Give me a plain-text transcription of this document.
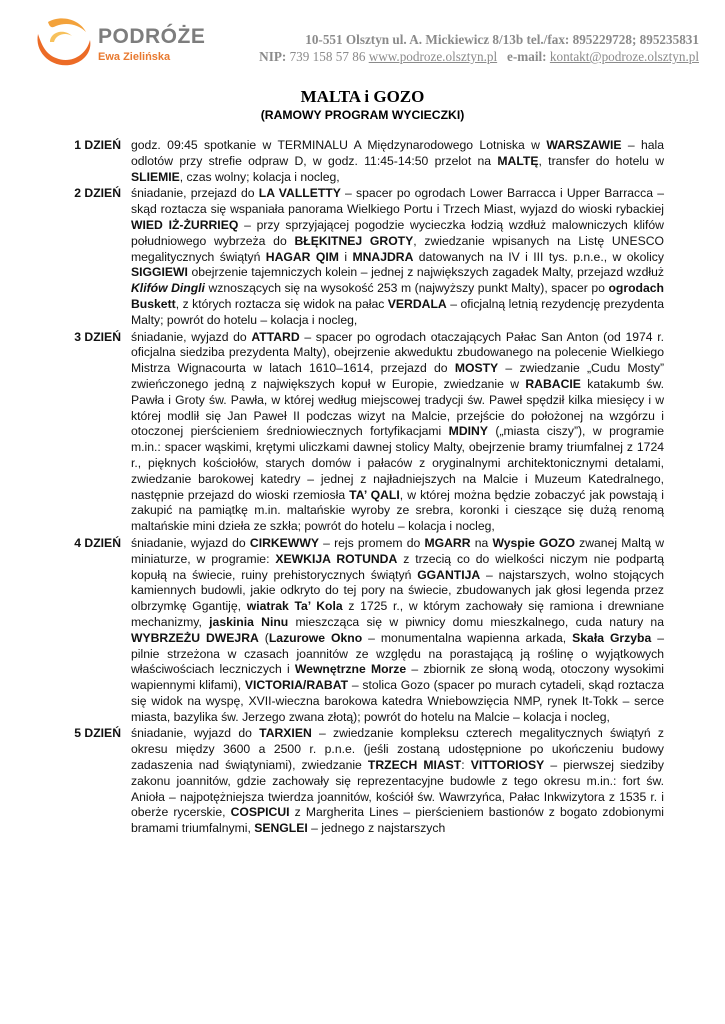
PODRÓŻE
Ewa Zielińska
10-551 Olsztyn ul. A. Mickiewicz 8/13b tel./fax: 895229728; 895235831
NIP: 739 158 57 86 www.podroze.olsztyn.pl   e-mail: kontakt@podroze.olsztyn.pl
MALTA i GOZO
(RAMOWY PROGRAM WYCIECZKI)
1 DZIEŃ godz. 09:45 spotkanie w TERMINALU A Międzynarodowego Lotniska w WARSZAWIE – hala odlotów przy strefie odpraw D, w godz. 11:45-14:50 przelot na MALTĘ, transfer do hotelu w SLIEMIE, czas wolny; kolacja i nocleg,
2 DZIEŃ śniadanie, przejazd do LA VALLETTY – spacer po ogrodach Lower Barracca i Upper Barracca – skąd roztacza się wspaniała panorama Wielkiego Portu i Trzech Miast, wyjazd do wioski rybackiej WIED IŻ-ŻURRIEQ – przy sprzyjającej pogodzie wycieczka łodzią wzdłuż malowniczych klifów południowego wybrzeża do BŁĘKITNEJ GROTY, zwiedzanie wpisanych na Listę UNESCO megalitycznych świątyń HAGAR QIM i MNAJDRA datowanych na IV i III tys. p.n.e., w okolicy SIGGIEWI obejrzenie tajemniczych kolein – jednej z największych zagadek Malty, przejazd wzdłuż Klifów Dingli wznoszących się na wysokość 253 m (najwyższy punkt Malty), spacer po ogrodach Buskett, z których roztacza się widok na pałac VERDALA – oficjalną letnią rezydencję prezydenta Malty; powrót do hotelu – kolacja i nocleg,
3 DZIEŃ śniadanie, wyjazd do ATTARD – spacer po ogrodach otaczających Pałac San Anton (od 1974 r. oficjalna siedziba prezydenta Malty), obejrzenie akweduktu zbudowanego na polecenie Wielkiego Mistrza Wignacourta w latach 1610–1614, przejazd do MOSTY – zwiedzanie „Cudu Mosty” zwieńczonego jedną z największych kopuł w Europie, zwiedzanie w RABACIE katakumb św. Pawła i Groty św. Pawła, w której według miejscowej tradycji św. Paweł spędził kilka miesięcy i w której modlił się Jan Paweł II podczas wizyt na Malcie, przejście do położonej na wzgórzu i otoczonej pierścieniem średniowiecznych fortyfikacjami MDINY („miasta ciszy”), w programie m.in.: spacer wąskimi, krętymi uliczkami dawnej stolicy Malty, obejrzenie bramy triumfalnej z 1724 r., pięknych kościołów, starych domów i pałaców z oryginalnymi architektonicznymi detalami, zwiedzanie barokowej katedry – jednej z najładniejszych na Malcie i Muzeum Katedralnego, następnie przejazd do wioski rzemiosła TA’ QALI, w której można będzie zobaczyć jak powstają i zakupić na pamiątkę m.in. maltańskie wyroby ze srebra, koronki i cieszące się dużą renomą maltańskie mini dzieła ze szkła; powrót do hotelu – kolacja i nocleg,
4 DZIEŃ śniadanie, wyjazd do CIRKEWWY – rejs promem do MGARR na Wyspie GOZO zwanej Maltą w miniaturze, w programie: XEWKIJA ROTUNDA z trzecią co do wielkości niczym nie podpartą kopułą na świecie, ruiny prehistorycznych świątyń GGANTIJA – najstarszych, wolno stojących kamiennych budowli, jakie odkryto do tej pory na świecie, zbudowanych jak głosi legenda przez olbrzymkę Ggantiję, wiatrak Ta’ Kola z 1725 r., w którym zachowały się ramiona i drewniane mechanizmy, jaskinia Ninu mieszcząca się w piwnicy domu mieszkalnego, cuda natury na WYBRZEŻU DWEJRA (Lazurowe Okno – monumentalna wapienna arkada, Skała Grzyba – pilnie strzeżona w czasach joannitów ze względu na porastającą ją roślinę o wyjątkowych właściwościach leczniczych i Wewnętrzne Morze – zbiornik ze słoną wodą, otoczony wysokimi wapiennymi klifami), VICTORIA/RABAT – stolica Gozo (spacer po murach cytadeli, skąd roztacza się widok na wyspę, XVII-wieczna barokowa katedra Wniebowzięcia NMP, rynek It-Tokk – serce miasta, bazylika św. Jerzego zwana złotą); powrót do hotelu na Malcie – kolacja i nocleg,
5 DZIEŃ śniadanie, wyjazd do TARXIEN – zwiedzanie kompleksu czterech megalitycznych świątyń z okresu między 3600 a 2500 r. p.n.e. (jeśli zostaną udostępnione po ukończeniu budowy zadaszenia nad świątyniami), zwiedzanie TRZECH MIAST: VITTORIOSY – pierwszej siedziby zakonu joannitów, gdzie zachowały się reprezentacyjne budowle z tego okresu m.in.: fort św. Anioła – najpotężniejsza twierdza joannitów, kościół św. Wawrzyńca, Pałac Inkwizytora z 1535 r. i oberże rycerskie, COSPICUI z Margherita Lines – pierścieniem bastionów z bogato zdobionymi bramami triumfalnymi, SENGLEI – jednego z najstarszych
